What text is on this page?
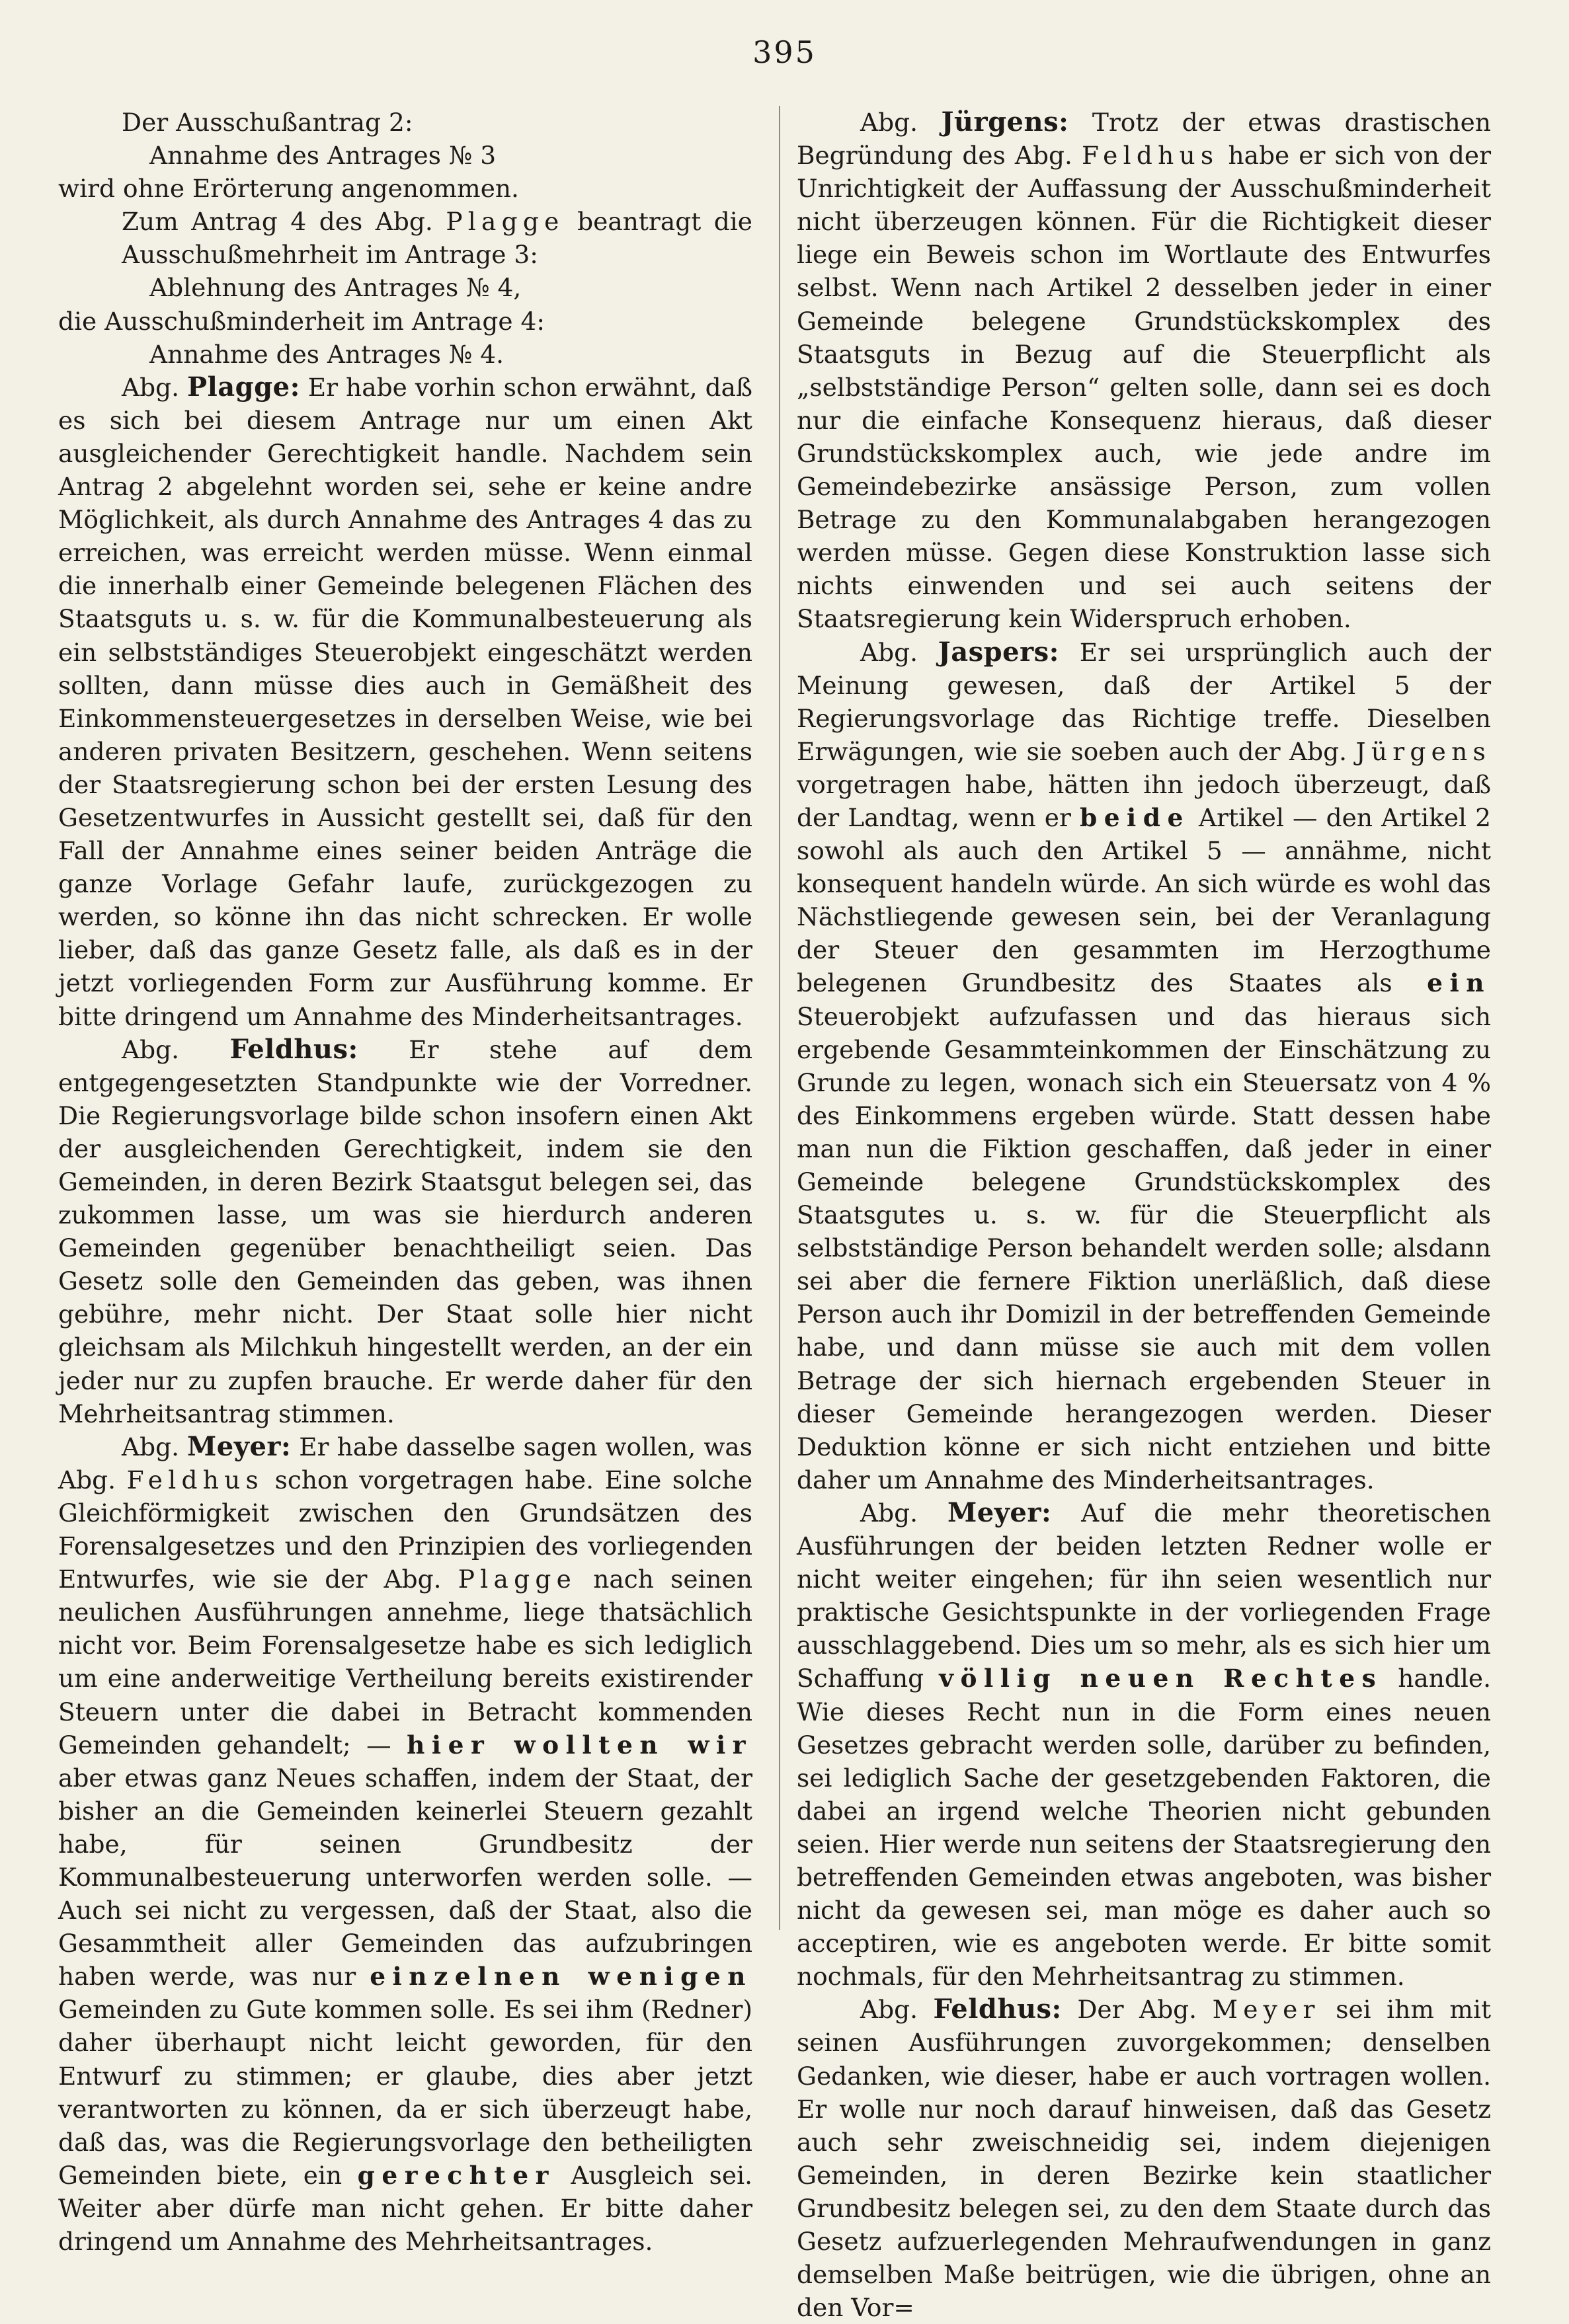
395
Der Ausschußantrag 2:
Annahme des Antrages № 3
wird ohne Erörterung angenommen.
Zum Antrag 4 des Abg. Plagge beantragt die Ausschußmehrheit im Antrage 3:
Ablehnung des Antrages № 4,
die Ausschußminderheit im Antrage 4:
Annahme des Antrages № 4.
Abg. Plagge: Er habe vorhin schon erwähnt, daß es sich bei diesem Antrage nur um einen Akt ausgleichender Gerechtigkeit handle. Nachdem sein Antrag 2 abgelehnt worden sei, sehe er keine andre Möglichkeit, als durch Annahme des Antrages 4 das zu erreichen, was erreicht werden müsse. Wenn einmal die innerhalb einer Gemeinde belegenen Flächen des Staatsguts u. s. w. für die Kommunalbesteuerung als ein selbstständiges Steuerobjekt eingeschätzt werden sollten, dann müsse dies auch in Gemäßheit des Einkommensteuergesetzes in derselben Weise, wie bei anderen privaten Besitzern, geschehen. Wenn seitens der Staatsregierung schon bei der ersten Lesung des Gesetzentwurfes in Aussicht gestellt sei, daß für den Fall der Annahme eines seiner beiden Anträge die ganze Vorlage Gefahr laufe, zurückgezogen zu werden, so könne ihn das nicht schrecken. Er wolle lieber, daß das ganze Gesetz falle, als daß es in der jetzt vorliegenden Form zur Ausführung komme. Er bitte dringend um Annahme des Minderheitsantrages.
Abg. Feldhus: Er stehe auf dem entgegengesetzten Standpunkte wie der Vorredner. Die Regierungsvorlage bilde schon insofern einen Akt der ausgleichenden Gerechtigkeit, indem sie den Gemeinden, in deren Bezirk Staatsgut belegen sei, das zukommen lasse, um was sie hierdurch anderen Gemeinden gegenüber benachtheiligt seien. Das Gesetz solle den Gemeinden das geben, was ihnen gebühre, mehr nicht. Der Staat solle hier nicht gleichsam als Milchkuh hingestellt werden, an der ein jeder nur zu zupfen brauche. Er werde daher für den Mehrheitsantrag stimmen.
Abg. Meyer: Er habe dasselbe sagen wollen, was Abg. Feldhus schon vorgetragen habe. Eine solche Gleichförmigkeit zwischen den Grundsätzen des Forensalgesetzes und den Prinzipien des vorliegenden Entwurfes, wie sie der Abg. Plagge nach seinen neulichen Ausführungen annehme, liege thatsächlich nicht vor. Beim Forensalgesetze habe es sich lediglich um eine anderweitige Vertheilung bereits existirender Steuern unter die dabei in Betracht kommenden Gemeinden gehandelt; — hier wollten wir aber etwas ganz Neues schaffen, indem der Staat, der bisher an die Gemeinden keinerlei Steuern gezahlt habe, für seinen Grundbesitz der Kommunalbesteuerung unterworfen werden solle. — Auch sei nicht zu vergessen, daß der Staat, also die Gesammtheit aller Gemeinden das aufzubringen haben werde, was nur einzelnen wenigen Gemeinden zu Gute kommen solle. Es sei ihm (Redner) daher überhaupt nicht leicht geworden, für den Entwurf zu stimmen; er glaube, dies aber jetzt verantworten zu können, da er sich überzeugt habe, daß das, was die Regierungsvorlage den betheiligten Gemeinden biete, ein gerechter Ausgleich sei. Weiter aber dürfe man nicht gehen. Er bitte daher dringend um Annahme des Mehrheitsantrages.
Abg. Jürgens: Trotz der etwas drastischen Begründung des Abg. Feldhus habe er sich von der Unrichtigkeit der Auffassung der Ausschußminderheit nicht überzeugen können. Für die Richtigkeit dieser liege ein Beweis schon im Wortlaute des Entwurfes selbst. Wenn nach Artikel 2 desselben jeder in einer Gemeinde belegene Grundstückskomplex des Staatsguts in Bezug auf die Steuerpflicht als „selbstständige Person“ gelten solle, dann sei es doch nur die einfache Konsequenz hieraus, daß dieser Grundstückskomplex auch, wie jede andre im Gemeindebezirke ansässige Person, zum vollen Betrage zu den Kommunalabgaben herangezogen werden müsse. Gegen diese Konstruktion lasse sich nichts einwenden und sei auch seitens der Staatsregierung kein Widerspruch erhoben.
Abg. Jaspers: Er sei ursprünglich auch der Meinung gewesen, daß der Artikel 5 der Regierungsvorlage das Richtige treffe. Dieselben Erwägungen, wie sie soeben auch der Abg. Jürgens vorgetragen habe, hätten ihn jedoch überzeugt, daß der Landtag, wenn er beide Artikel — den Artikel 2 sowohl als auch den Artikel 5 — annähme, nicht konsequent handeln würde. An sich würde es wohl das Nächstliegende gewesen sein, bei der Veranlagung der Steuer den gesammten im Herzogthume belegenen Grundbesitz des Staates als ein Steuerobjekt aufzufassen und das hieraus sich ergebende Gesammteinkommen der Einschätzung zu Grunde zu legen, wonach sich ein Steuersatz von 4 % des Einkommens ergeben würde. Statt dessen habe man nun die Fiktion geschaffen, daß jeder in einer Gemeinde belegene Grundstückskomplex des Staatsgutes u. s. w. für die Steuerpflicht als selbstständige Person behandelt werden solle; alsdann sei aber die fernere Fiktion unerläßlich, daß diese Person auch ihr Domizil in der betreffenden Gemeinde habe, und dann müsse sie auch mit dem vollen Betrage der sich hiernach ergebenden Steuer in dieser Gemeinde herangezogen werden. Dieser Deduktion könne er sich nicht entziehen und bitte daher um Annahme des Minderheitsantrages.
Abg. Meyer: Auf die mehr theoretischen Ausführungen der beiden letzten Redner wolle er nicht weiter eingehen; für ihn seien wesentlich nur praktische Gesichtspunkte in der vorliegenden Frage ausschlaggebend. Dies um so mehr, als es sich hier um Schaffung völlig neuen Rechtes handle. Wie dieses Recht nun in die Form eines neuen Gesetzes gebracht werden solle, darüber zu befinden, sei lediglich Sache der gesetzgebenden Faktoren, die dabei an irgend welche Theorien nicht gebunden seien. Hier werde nun seitens der Staatsregierung den betreffenden Gemeinden etwas angeboten, was bisher nicht da gewesen sei, man möge es daher auch so acceptiren, wie es angeboten werde. Er bitte somit nochmals, für den Mehrheitsantrag zu stimmen.
Abg. Feldhus: Der Abg. Meyer sei ihm mit seinen Ausführungen zuvorgekommen; denselben Gedanken, wie dieser, habe er auch vortragen wollen. Er wolle nur noch darauf hinweisen, daß das Gesetz auch sehr zweischneidig sei, indem diejenigen Gemeinden, in deren Bezirke kein staatlicher Grundbesitz belegen sei, zu den dem Staate durch das Gesetz aufzuerlegenden Mehraufwendungen in ganz demselben Maße beitrügen, wie die übrigen, ohne an den Vor=
